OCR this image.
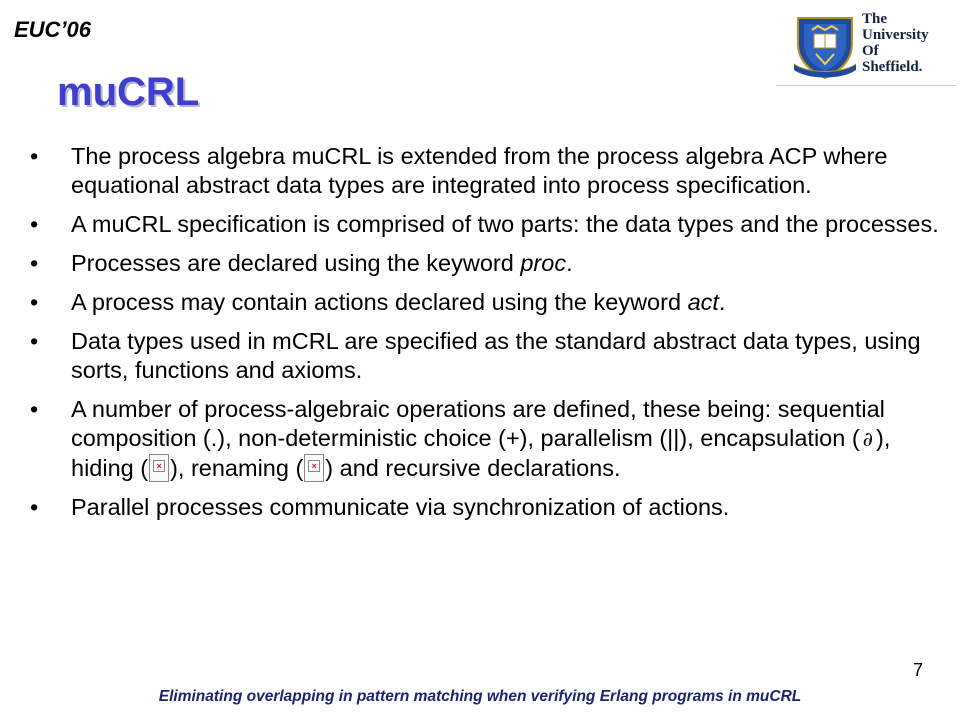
EUC’06	The
University
Of
Sheffield.
muCRL
• The process algebra muCRL is extended from the process algebra ACP where equational abstract data types are integrated into process specification.
• A muCRL specification is comprised of two parts: the data types and the processes.
• Processes are declared using the keyword proc.
• A process may contain actions declared using the keyword act.
• Data types used in mCRL are specified as the standard abstract data types, using sorts, functions and axioms.
• A number of process-algebraic operations are defined, these being: sequential composition (.), non-deterministic choice (+), parallelism (||), encapsulation ( ∂ ), hiding ( × ), renaming ( × ) and recursive declarations.
• Parallel processes communicate via synchronization of actions.
7
Eliminating overlapping in pattern matching when verifying Erlang programs in muCRL
